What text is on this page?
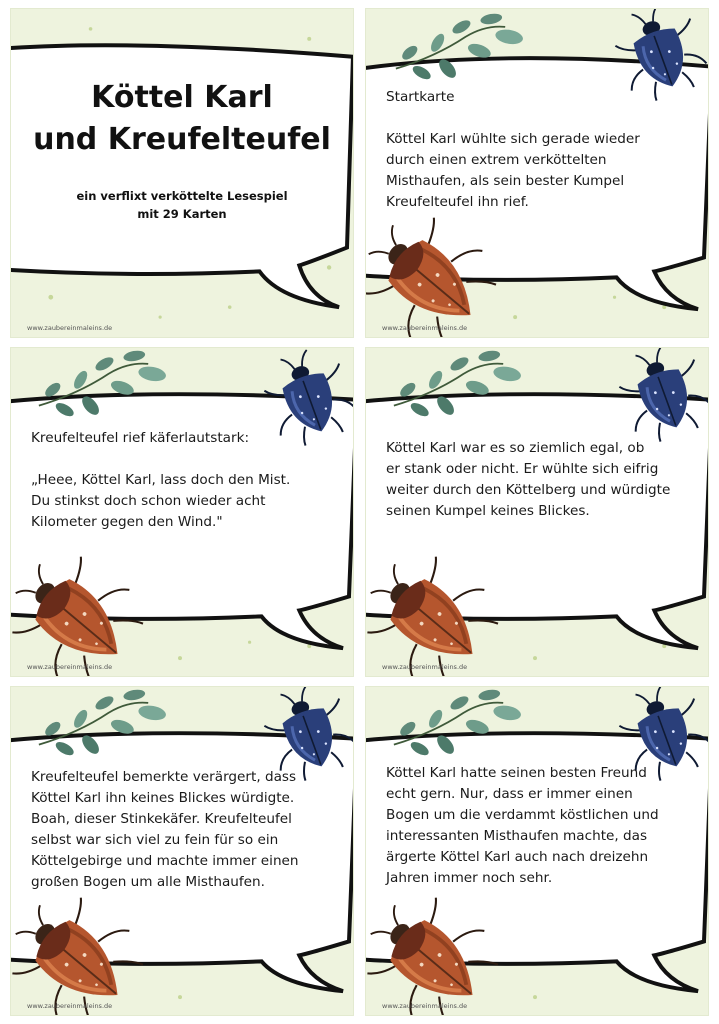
Köttel Karl
und Kreufelteufel
ein verflixt verköttelte Lesespiel
mit 29 Karten
www.zaubereinmaleins.de
Startkarte
Köttel Karl wühlte sich gerade wieder
durch einen extrem verköttelten
Misthaufen, als sein bester Kumpel
Kreufelteufel ihn rief.
www.zaubereinmaleins.de
Kreufelteufel rief käferlautstark:

„Heee, Köttel Karl, lass doch den Mist.
Du stinkst doch schon wieder acht
Kilometer gegen den Wind."
www.zaubereinmaleins.de
Köttel Karl war es so ziemlich egal, ob
er stank oder nicht. Er wühlte sich eifrig
weiter durch den Köttelberg und würdigte
seinen Kumpel keines Blickes.
www.zaubereinmaleins.de
Kreufelteufel bemerkte verärgert, dass
Köttel Karl ihn keines Blickes würdigte.
Boah, dieser Stinkekäfer. Kreufelteufel
selbst war sich viel zu fein für so ein
Köttelgebirge und machte immer einen
großen Bogen um alle Misthaufen.
www.zaubereinmaleins.de
Köttel Karl hatte seinen besten Freund
echt gern. Nur, dass er immer einen
Bogen um die verdammt köstlichen und
interessanten Misthaufen machte, das
ärgerte Köttel Karl auch nach dreizehn
Jahren immer noch sehr.
www.zaubereinmaleins.de
